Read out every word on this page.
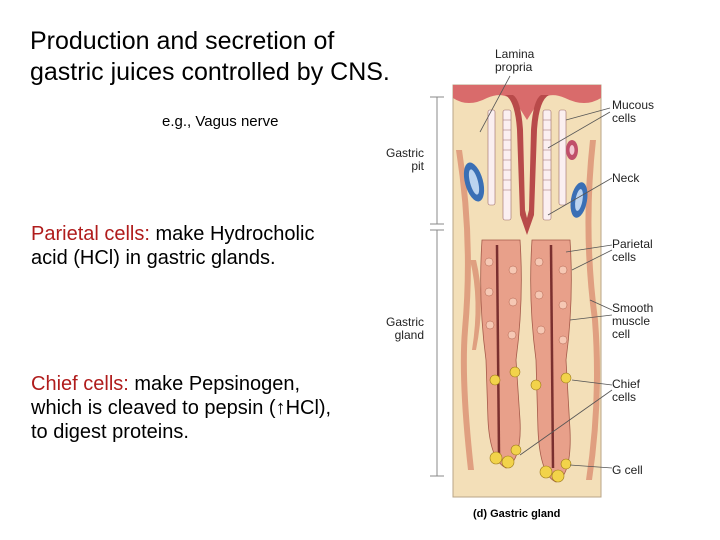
Production and secretion of
gastric juices controlled by CNS.
e.g., Vagus nerve
Parietal cells: make Hydrocholic
acid (HCl) in gastric glands.
Chief cells: make Pepsinogen,
which is cleaved to pepsin (↑HCl),
to digest proteins.
Lamina
propria
Gastric
pit
Gastric
gland
Mucous
cells
Neck
Parietal
cells
Smooth
muscle
cell
Chief
cells
G cell
(d) Gastric gland
